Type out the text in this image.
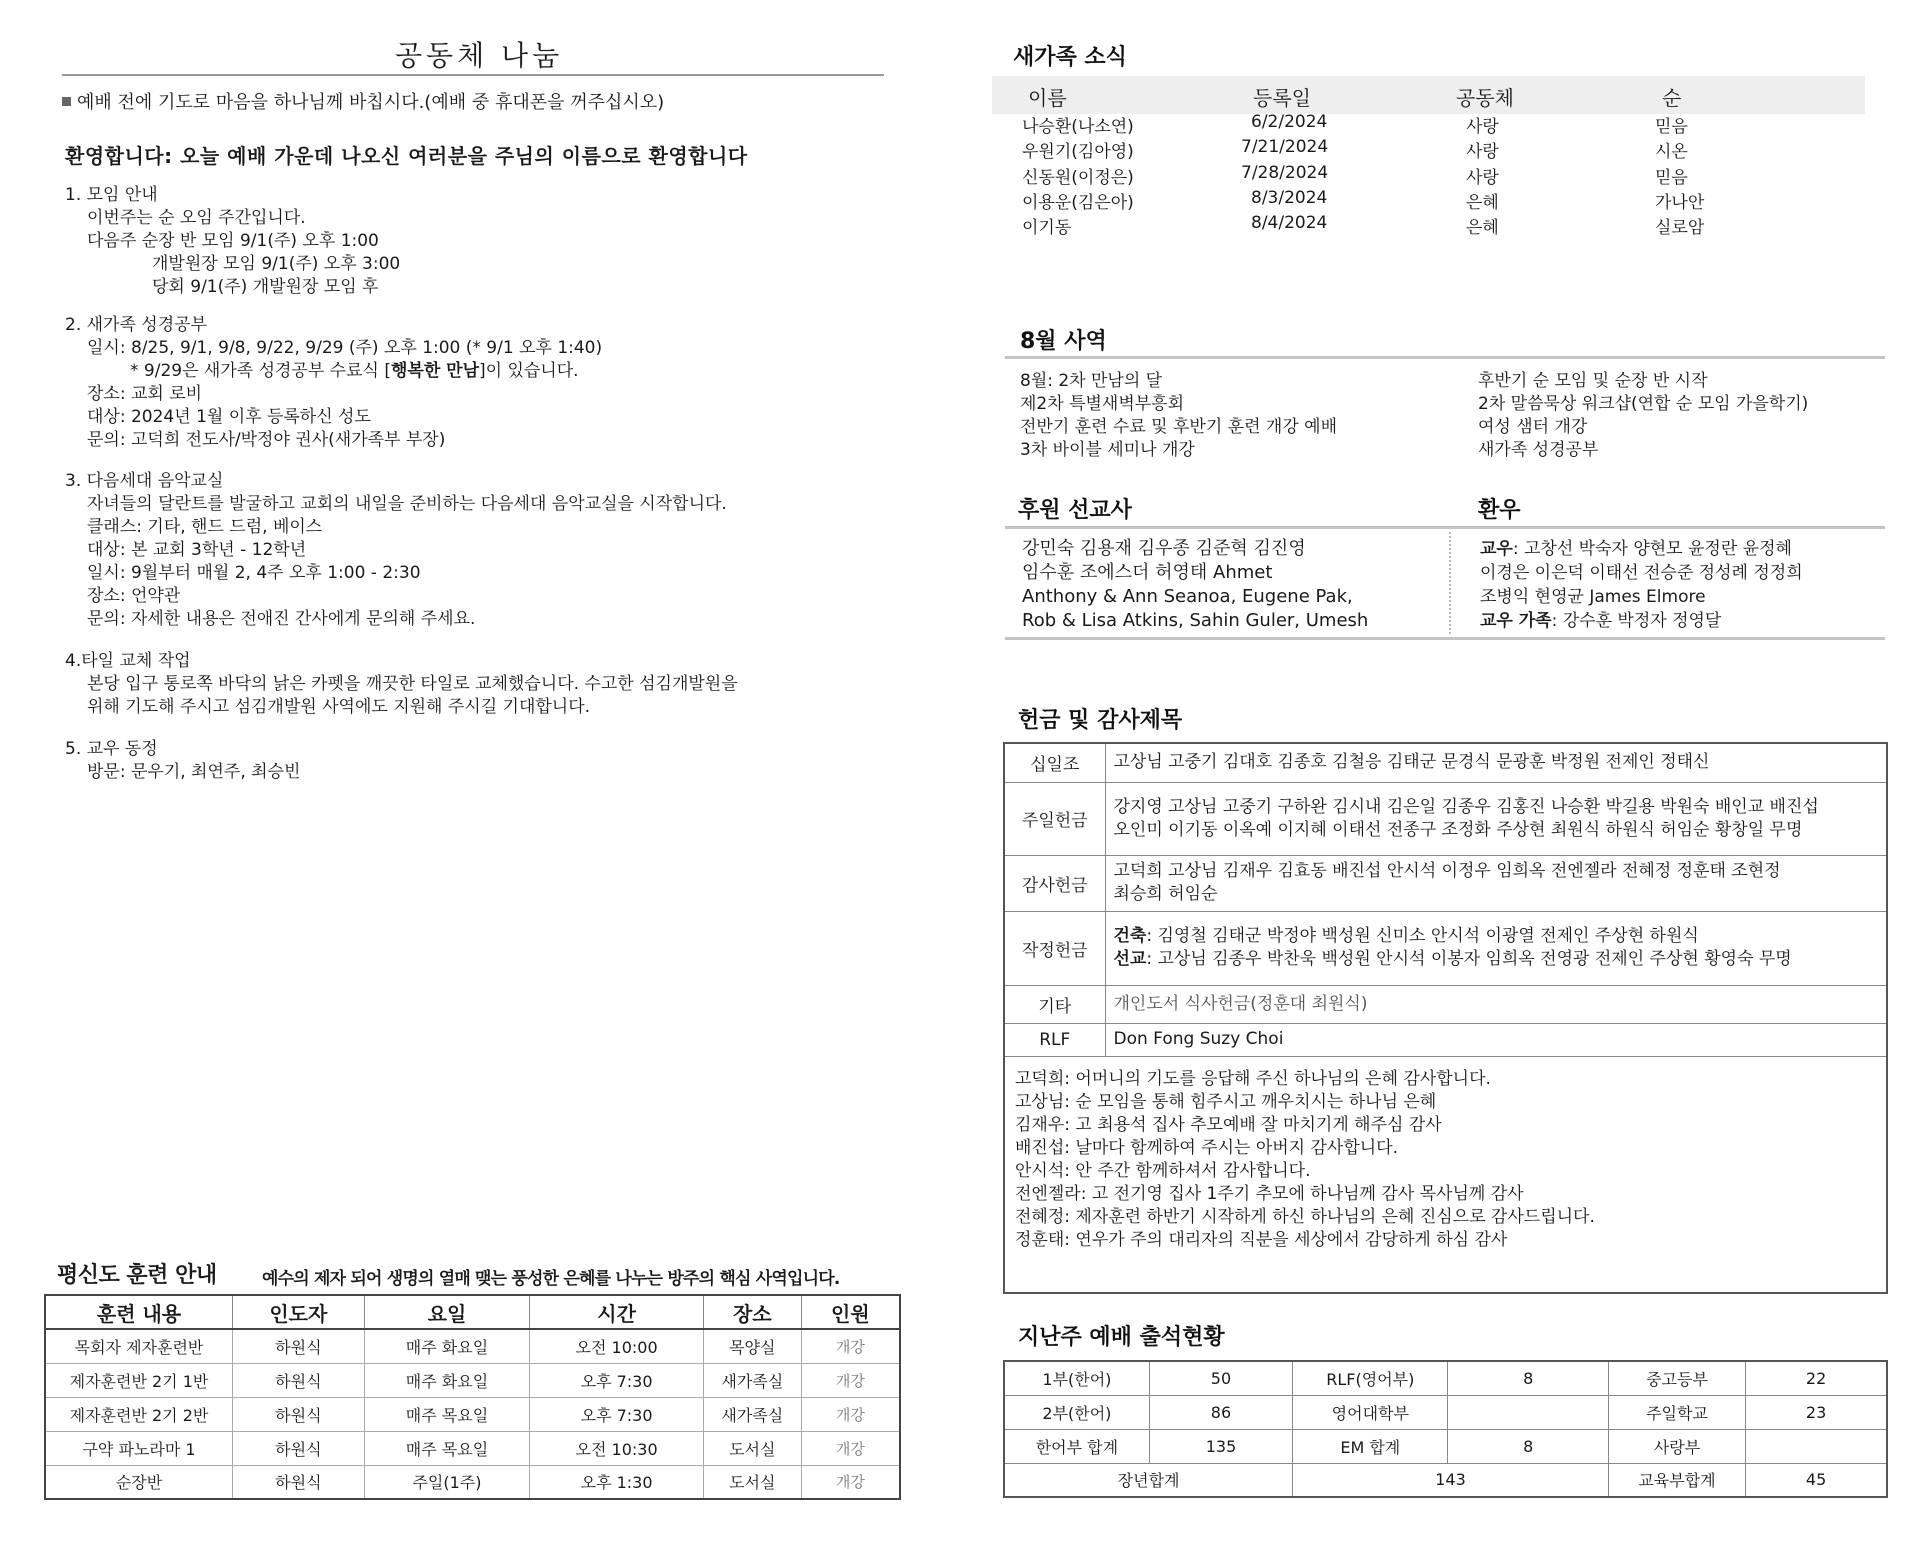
공동체 나눔
예배 전에 기도로 마음을 하나님께 바칩시다.(예배 중 휴대폰을 꺼주십시오)
환영합니다: 오늘 예배 가운데 나오신 여러분을 주님의 이름으로 환영합니다
1. 모임 안내
이번주는 순 오임 주간입니다.
다음주 순장 반 모임 9/1(주) 오후 1:00
개발원장 모임 9/1(주) 오후 3:00
당회 9/1(주) 개발원장 모임 후
2. 새가족 성경공부
일시: 8/25, 9/1, 9/8, 9/22, 9/29 (주) 오후 1:00 (* 9/1 오후 1:40)
* 9/29은 새가족 성경공부 수료식 [행복한 만남]이 있습니다.
장소: 교회 로비
대상: 2024년 1월 이후 등록하신 성도
문의: 고덕희 전도사/박정야 권사(새가족부 부장)
3. 다음세대 음악교실
자녀들의 달란트를 발굴하고 교회의 내일을 준비하는 다음세대 음악교실을 시작합니다.
클래스: 기타, 핸드 드럼, 베이스
대상: 본 교회 3학년 - 12학년
일시: 9월부터 매월 2, 4주 오후 1:00 - 2:30
장소: 언약관
문의: 자세한 내용은 전애진 간사에게 문의해 주세요.
4.타일 교체 작업
본당 입구 통로쪽 바닥의 낡은 카펫을 깨끗한 타일로 교체했습니다. 수고한 섬김개발원을
위해 기도해 주시고 섬김개발원 사역에도 지원해 주시길 기대합니다.
5. 교우 동정
방문: 문우기, 최연주, 최승빈
평신도 훈련 안내	예수의 제자 되어 생명의 열매 맺는 풍성한 은혜를 나누는 방주의 핵심 사역입니다.
훈련 내용	인도자	요일	시간	장소	인원
목회자 제자훈련반	하원식	매주 화요일	오전 10:00	목양실	개강
제자훈련반 2기 1반	하원식	매주 화요일	오후 7:30	새가족실	개강
제자훈련반 2기 2반	하원식	매주 목요일	오후 7:30	새가족실	개강
구약 파노라마 1	하원식	매주 목요일	오전 10:30	도서실	개강
순장반	하원식	주일(1주)	오후 1:30	도서실	개강
새가족 소식
이름	등록일	공동체	순
나승환(나소연)	6/2/2024	사랑	믿음
우원기(김아영)	7/21/2024	사랑	시온
신동원(이정은)	7/28/2024	사랑	믿음
이용운(김은아)	8/3/2024	은혜	가나안
이기동	8/4/2024	은혜	실로암
8월 사역
8월: 2차 만남의 달
제2차 특별새벽부흥회
전반기 훈련 수료 및 후반기 훈련 개강 예배
3차 바이블 세미나 개강
후반기 순 모임 및 순장 반 시작
2차 말씀묵상 워크샵(연합 순 모임 가을학기)
여성 샘터 개강
새가족 성경공부
후원 선교사	환우
강민숙 김용재 김우종 김준혁 김진영
임수훈 조에스더 허영태 Ahmet
Anthony & Ann Seanoa, Eugene Pak,
Rob & Lisa Atkins, Sahin Guler, Umesh
교우: 고창선 박숙자 양현모 윤정란 윤정혜
이경은 이은덕 이태선 전승준 정성례 정정희
조병익 현영균 James Elmore
교우 가족: 강수훈 박정자 정영달
헌금 및 감사제목
십일조	고상님 고중기 김대호 김종호 김철응 김태군 문경식 문광훈 박정원 전제인 정태신

주일헌금	강지영 고상님 고중기 구하완 김시내 김은일 김종우 김홍진 나승환 박길용 박원숙 배인교 배진섭
오인미 이기동 이옥예 이지혜 이태선 전종구 조정화 주상현 최원식 하원식 허임순 황창일 무명

감사헌금	고덕희 고상님 김재우 김효동 배진섭 안시석 이정우 임희옥 전엔젤라 전혜정 정훈태 조현정
최승희 허임순

작정헌금	건축: 김영철 김태군 박정야 백성원 신미소 안시석 이광열 전제인 주상현 하원식
선교: 고상님 김종우 박찬욱 백성원 안시석 이봉자 임희옥 전영광 전제인 주상현 황영숙 무명

기타	개인도서 식사헌금(정훈대 최원식)

RLF	Don Fong Suzy Choi
고덕희: 어머니의 기도를 응답해 주신 하나님의 은혜 감사합니다.
고상님: 순 모임을 통해 힘주시고 깨우치시는 하나님 은혜
김재우: 고 최용석 집사 추모예배 잘 마치기게 해주심 감사
배진섭: 날마다 함께하여 주시는 아버지 감사합니다.
안시석: 안 주간 함께하셔서 감사합니다.
전엔젤라: 고 전기영 집사 1주기 추모에 하나님께 감사 목사님께 감사
전혜정: 제자훈련 하반기 시작하게 하신 하나님의 은혜 진심으로 감사드립니다.
정훈태: 연우가 주의 대리자의 직분을 세상에서 감당하게 하심 감사
지난주 예배 출석현황
1부(한어)	50	RLF(영어부)	8	중고등부	22
2부(한어)	86	영어대학부		주일학교	23
한어부 합계	135	EM 합계	8	사랑부	
장년합계		143		교육부합계	45
